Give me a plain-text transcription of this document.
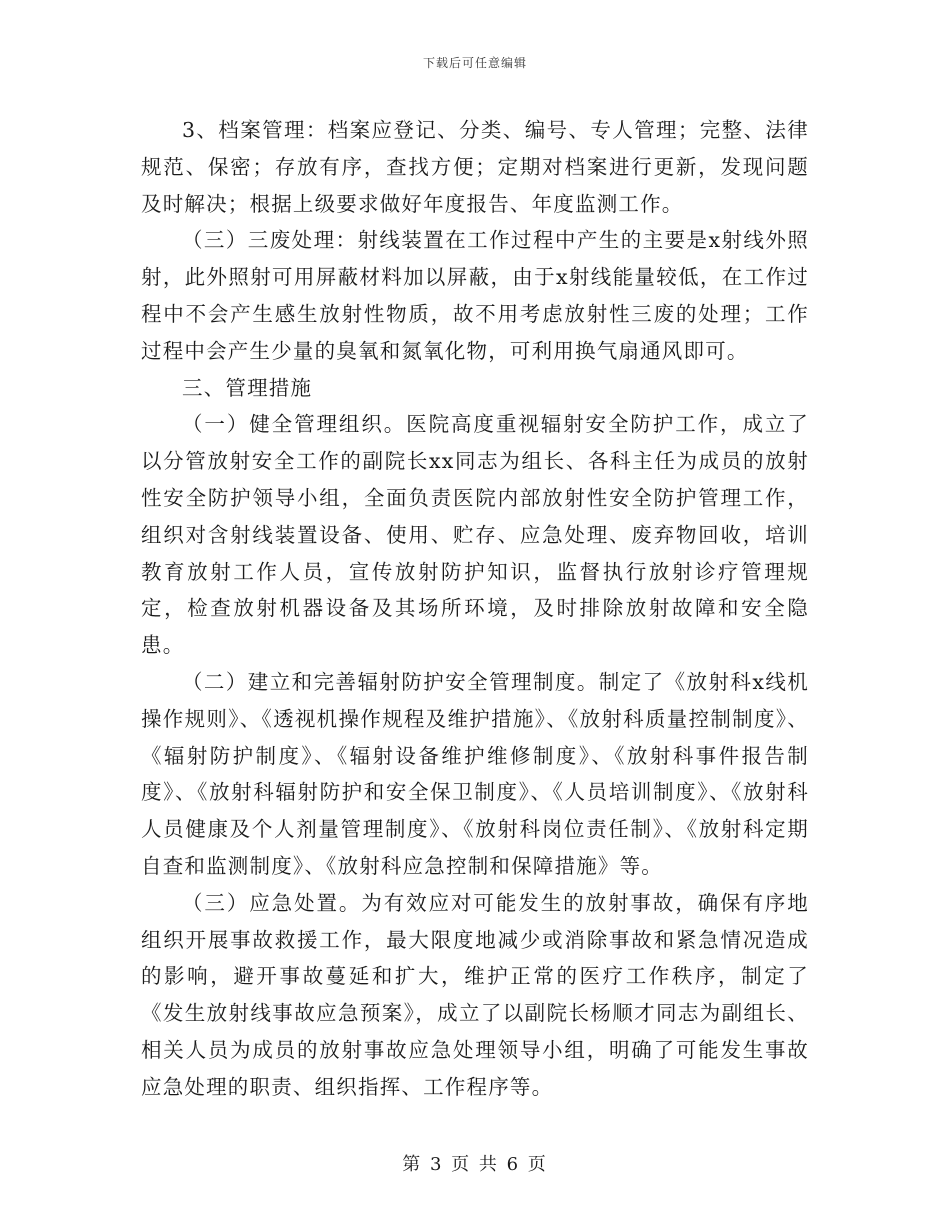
下载后可任意编辑

3、档案管理：档案应登记、分类、编号、专人管理；完整、法律规范、保密；存放有序，查找方便；定期对档案进行更新，发现问题及时解决；根据上级要求做好年度报告、年度监测工作。

（三）三废处理：射线装置在工作过程中产生的主要是x射线外照射，此外照射可用屏蔽材料加以屏蔽，由于x射线能量较低，在工作过程中不会产生感生放射性物质，故不用考虑放射性三废的处理；工作过程中会产生少量的臭氧和氮氧化物，可利用换气扇通风即可。

三、管理措施

（一）健全管理组织。医院高度重视辐射安全防护工作，成立了以分管放射安全工作的副院长xx同志为组长、各科主任为成员的放射性安全防护领导小组，全面负责医院内部放射性安全防护管理工作，组织对含射线装置设备、使用、贮存、应急处理、废弃物回收，培训教育放射工作人员，宣传放射防护知识，监督执行放射诊疗管理规定，检查放射机器设备及其场所环境，及时排除放射故障和安全隐患。

（二）建立和完善辐射防护安全管理制度。制定了《放射科x线机操作规则》、《透视机操作规程及维护措施》、《放射科质量控制制度》、《辐射防护制度》、《辐射设备维护维修制度》、《放射科事件报告制度》、《放射科辐射防护和安全保卫制度》、《人员培训制度》、《放射科人员健康及个人剂量管理制度》、《放射科岗位责任制》、《放射科定期自查和监测制度》、《放射科应急控制和保障措施》等。

（三）应急处置。为有效应对可能发生的放射事故，确保有序地组织开展事故救援工作，最大限度地减少或消除事故和紧急情况造成的影响，避开事故蔓延和扩大，维护正常的医疗工作秩序，制定了《发生放射线事故应急预案》，成立了以副院长杨顺才同志为副组长、相关人员为成员的放射事故应急处理领导小组，明确了可能发生事故应急处理的职责、组织指挥、工作程序等。

第 3 页 共 6 页
